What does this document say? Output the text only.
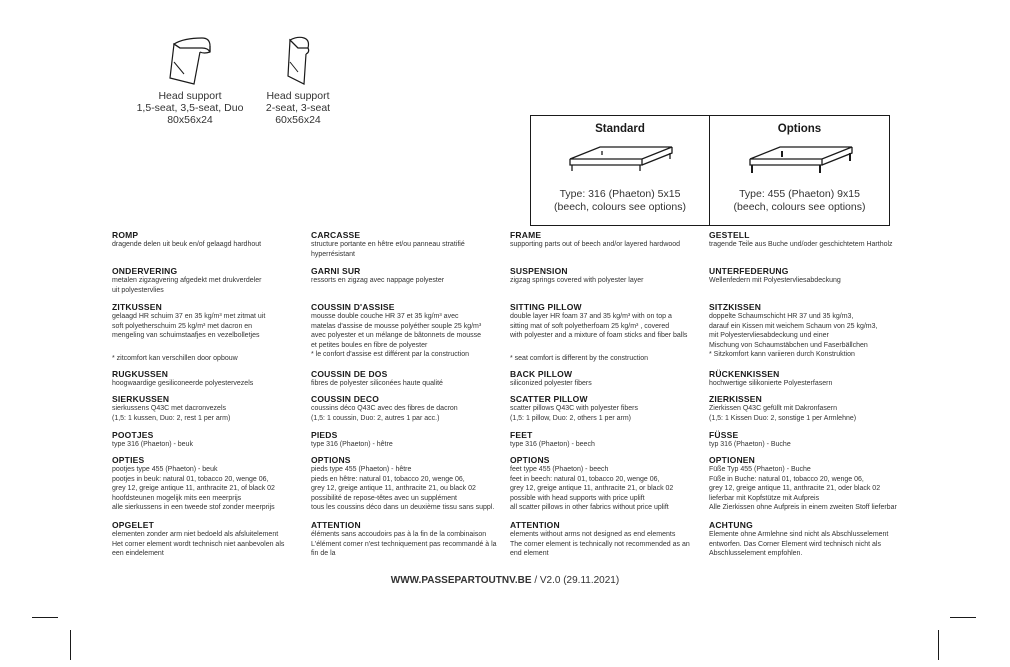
Head support
1,5-seat, 3,5-seat, Duo
80x56x24
Head support
2-seat, 3-seat
60x56x24
Standard
Type: 316 (Phaeton) 5x15
(beech, colours see options)
Options
Type: 455 (Phaeton) 9x15
(beech, colours see options)
ROMP
dragende delen uit beuk en/of gelaagd hardhout
ONDERVERING
metalen zigzagvering afgedekt met drukverdeler
uit polyestervlies
ZITKUSSEN
gelaagd HR schuim 37 en 35 kg/m³ met zitmat uit
soft polyetherschuim 25 kg/m³ met dacron en
mengeling van schuimstaafjes en vezelbolletjes
* zitcomfort kan verschillen door opbouw
RUGKUSSEN
hoogwaardige gesiliconeerde polyestervezels
SIERKUSSEN
sierkussens Q43C met dacronvezels
(1,5: 1 kussen, Duo: 2, rest 1 per arm)
POOTJES
type 316 (Phaeton) - beuk
OPTIES
pootjes type 455 (Phaeton) - beuk
pootjes in beuk: natural 01, tobacco 20, wenge 06,
grey 12, greige antique 11, anthracite 21, of black 02
hoofdsteunen mogelijk mits een meerprijs
alle sierkussens in een tweede stof zonder meerprijs
OPGELET
elementen zonder arm niet bedoeld als afsluitelement
Het corner element wordt technisch niet aanbevolen als
een eindelement
CARCASSE
structure portante en hêtre et/ou panneau stratifié
hyperrésistant
GARNI SUR
ressorts en zigzag avec nappage polyester
COUSSIN D'ASSISE
mousse double couche HR 37 et 35 kg/m³ avec
matelas d'assise de mousse polyéther souple 25 kg/m³
avec polyester et un mélange de bâtonnets de mousse
et petites boules en fibre de polyester
* le confort d'assise est différent par la construction
COUSSIN DE DOS
fibres de polyester siliconées haute qualité
COUSSIN DECO
coussins déco Q43C avec des fibres de dacron
(1,5: 1 coussin, Duo: 2, autres 1 par acc.)
PIEDS
type 316 (Phaeton) - hêtre
OPTIONS
pieds type 455 (Phaeton) - hêtre
pieds en hêtre: natural 01, tobacco 20, wenge 06,
grey 12, greige antique 11, anthracite 21, ou black 02
possibilité de repose-têtes avec un supplément
tous les coussins déco dans un deuxième tissu sans suppl.
ATTENTION
éléments sans accoudoirs pas à la fin de la combinaison
L'élément corner n'est techniquement pas recommandé à la
fin de la
FRAME
supporting parts out of beech and/or layered hardwood
SUSPENSION
zigzag springs covered with polyester layer
SITTING PILLOW
double layer HR foam 37 and 35 kg/m³ with on top a
sitting mat of soft polyetherfoam 25 kg/m³ , covered
with polyester and a mixture of foam sticks and fiber balls
* seat comfort is different by the construction
BACK PILLOW
siliconized polyester fibers
SCATTER PILLOW
scatter pillows Q43C with polyester fibers
(1,5: 1 pillow, Duo: 2, others 1 per arm)
FEET
type 316 (Phaeton) - beech
OPTIONS
feet type 455 (Phaeton) - beech
feet in beech: natural 01, tobacco 20, wenge 06,
grey 12, greige antique 11, anthracite 21, or black 02
possible with head supports with price uplift
all scatter pillows in other fabrics without price uplift
ATTENTION
elements without arms not designed as end elements
The corner element is technically not recommended as an
end element
GESTELL
tragende Teile aus Buche und/oder geschichtetem Hartholz
UNTERFEDERUNG
Wellenfedern mit Polyestervliesabdeckung
SITZKISSEN
doppelte Schaumschicht HR 37 und 35 kg/m3,
darauf ein Kissen mit weichem Schaum von 25 kg/m3,
mit Polyestervliesabdeckung und einer
Mischung von Schaumstäbchen und Faserbällchen
* Sitzkomfort kann variieren durch Konstruktion
RÜCKENKISSEN
hochwertige silikonierte Polyesterfasern
ZIERKISSEN
Zierkissen Q43C gefüllt mit Dakronfasern
(1,5: 1 Kissen Duo: 2, sonstige 1 per Armlehne)
FÜSSE
typ 316 (Phaeton) - Buche
OPTIONEN
Füße Typ 455 (Phaeton) - Buche
Füße in Buche: natural 01, tobacco 20, wenge 06,
grey 12, greige antique 11, anthracite 21, oder black 02
lieferbar mit Kopfstütze mit Aufpreis
Alle Zierkissen ohne Aufpreis in einem zweiten Stoff lieferbar
ACHTUNG
Elemente ohne Armlehne sind nicht als Abschlusselement
entworfen. Das Corner Element wird technisch nicht als
Abschlusselement empfohlen.
WWW.PASSEPARTOUTNV.BE / V2.0 (29.11.2021)
